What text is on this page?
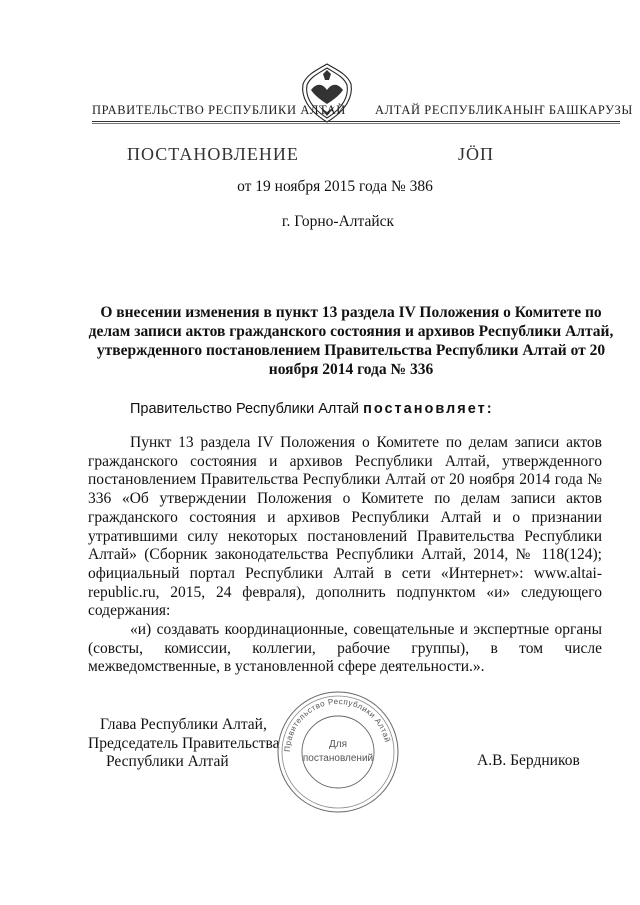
ПРАВИТЕЛЬСТВО РЕСПУБЛИКИ АЛТАЙ АЛТАЙ РЕСПУБЛИКАНЫҤ БАШКАРУЗЫ
ПОСТАНОВЛЕНИЕ	ЈӦП
от 19 ноября 2015 года № 386
г. Горно-Алтайск
О внесении изменения в пункт 13 раздела IV Положения о Комитете по делам записи актов гражданского состояния и архивов Республики Алтай, утвержденного постановлением Правительства Республики Алтай от 20 ноября 2014 года № 336
Правительство Республики Алтай постановляет:

Пункт 13 раздела IV Положения о Комитете по делам записи актов гражданского состояния и архивов Республики Алтай, утвержденного постановлением Правительства Республики Алтай от 20 ноября 2014 года № 336 «Об утверждении Положения о Комитете по делам записи актов гражданского состояния и архивов Республики Алтай и о признании утратившими силу некоторых постановлений Правительства Республики Алтай» (Сборник законодательства Республики Алтай, 2014, № 118(124); официальный портал Республики Алтай в сети «Интернет»: www.altai-republic.ru, 2015, 24 февраля), дополнить подпунктом «и» следующего содержания:

«и) создавать координационные, совещательные и экспертные органы (совсты, комиссии, коллегии, рабочие группы), в том числе межведомственные, в установленной сфере деятельности.».

Глава Республики Алтай,
Председатель Правительства
Республики Алтай	А.В. Бердников
Правительство Республики Алтай
Для
постановлений
